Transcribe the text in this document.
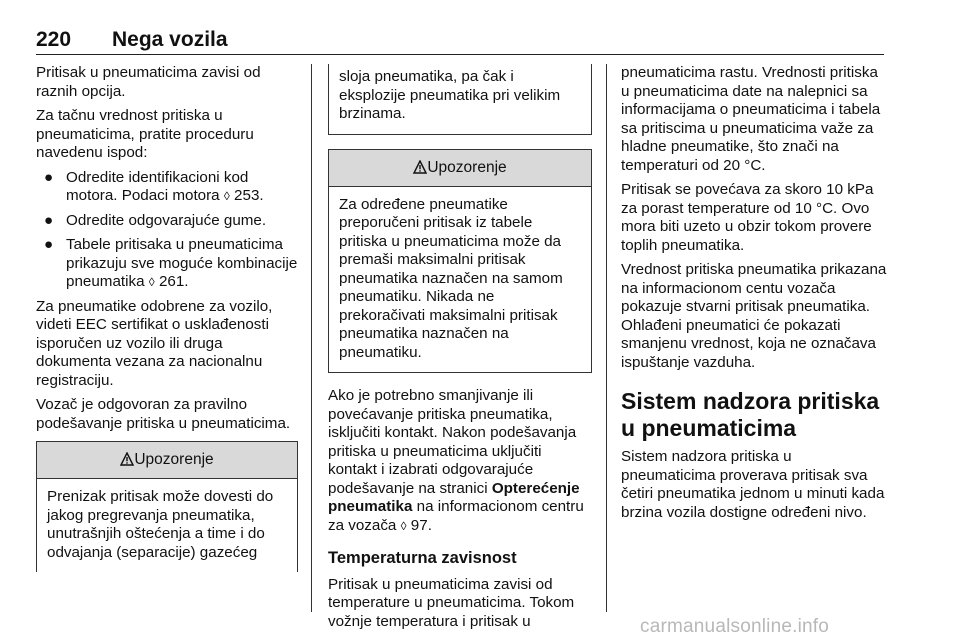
220 Nega vozila

Pritisak u pneumaticima zavisi od raznih opcija.

Za tačnu vrednost pritiska u pneumaticima, pratite proceduru navedenu ispod:

● Odredite identifikacioni kod motora. Podaci motora ◊ 253.
● Odredite odgovarajuće gume.
● Tabele pritisaka u pneumaticima prikazuju sve moguće kombinacije pneumatika ◊ 261.

Za pneumatike odobrene za vozilo, videti EEC sertifikat o usklađenosti isporučen uz vozilo ili druga dokumenta vezana za nacionalnu registraciju.

Vozač je odgovoran za pravilno podešavanje pritiska u pneumaticima.

Upozorenje
Prenizak pritisak može dovesti do jakog pregrevanja pneumatika, unutrašnjih oštećenja a time i do odvajanja (separacije) gazećeg
sloja pneumatika, pa čak i eksplozije pneumatika pri velikim brzinama.
Upozorenje
Za određene pneumatike preporučeni pritisak iz tabele pritiska u pneumaticima može da premaši maksimalni pritisak pneumatika naznačen na samom pneumatiku. Nikada ne prekoračivati maksimalni pritisak pneumatika naznačen na pneumatiku.

Ako je potrebno smanjivanje ili povećavanje pritiska pneumatika, isključiti kontakt. Nakon podešavanja pritiska u pneumaticima uključiti kontakt i izabrati odgovarajuće podešavanje na stranici Opterećenje pneumatika na informacionom centru za vozača ◊ 97.

Temperaturna zavisnost

Pritisak u pneumaticima zavisi od temperature u pneumaticima. Tokom vožnje temperatura i pritisak u

pneumaticima rastu. Vrednosti pritiska u pneumaticima date na nalepnici sa informacijama o pneumaticima i tabela sa pritiscima u pneumaticima važe za hladne pneumatike, što znači na temperaturi od 20 °C.

Pritisak se povećava za skoro 10 kPa za porast temperature od 10 °C. Ovo mora biti uzeto u obzir tokom provere toplih pneumatika.

Vrednost pritiska pneumatika prikazana na informacionom centu vozača pokazuje stvarni pritisak pneumatika. Ohlađeni pneumatici će pokazati smanjenu vrednost, koja ne označava ispuštanje vazduha.

Sistem nadzora pritiska u pneumaticima

Sistem nadzora pritiska u pneumaticima proverava pritisak sva četiri pneumatika jednom u minuti kada brzina vozila dostigne određeni nivo.

carmanualsonline.info
